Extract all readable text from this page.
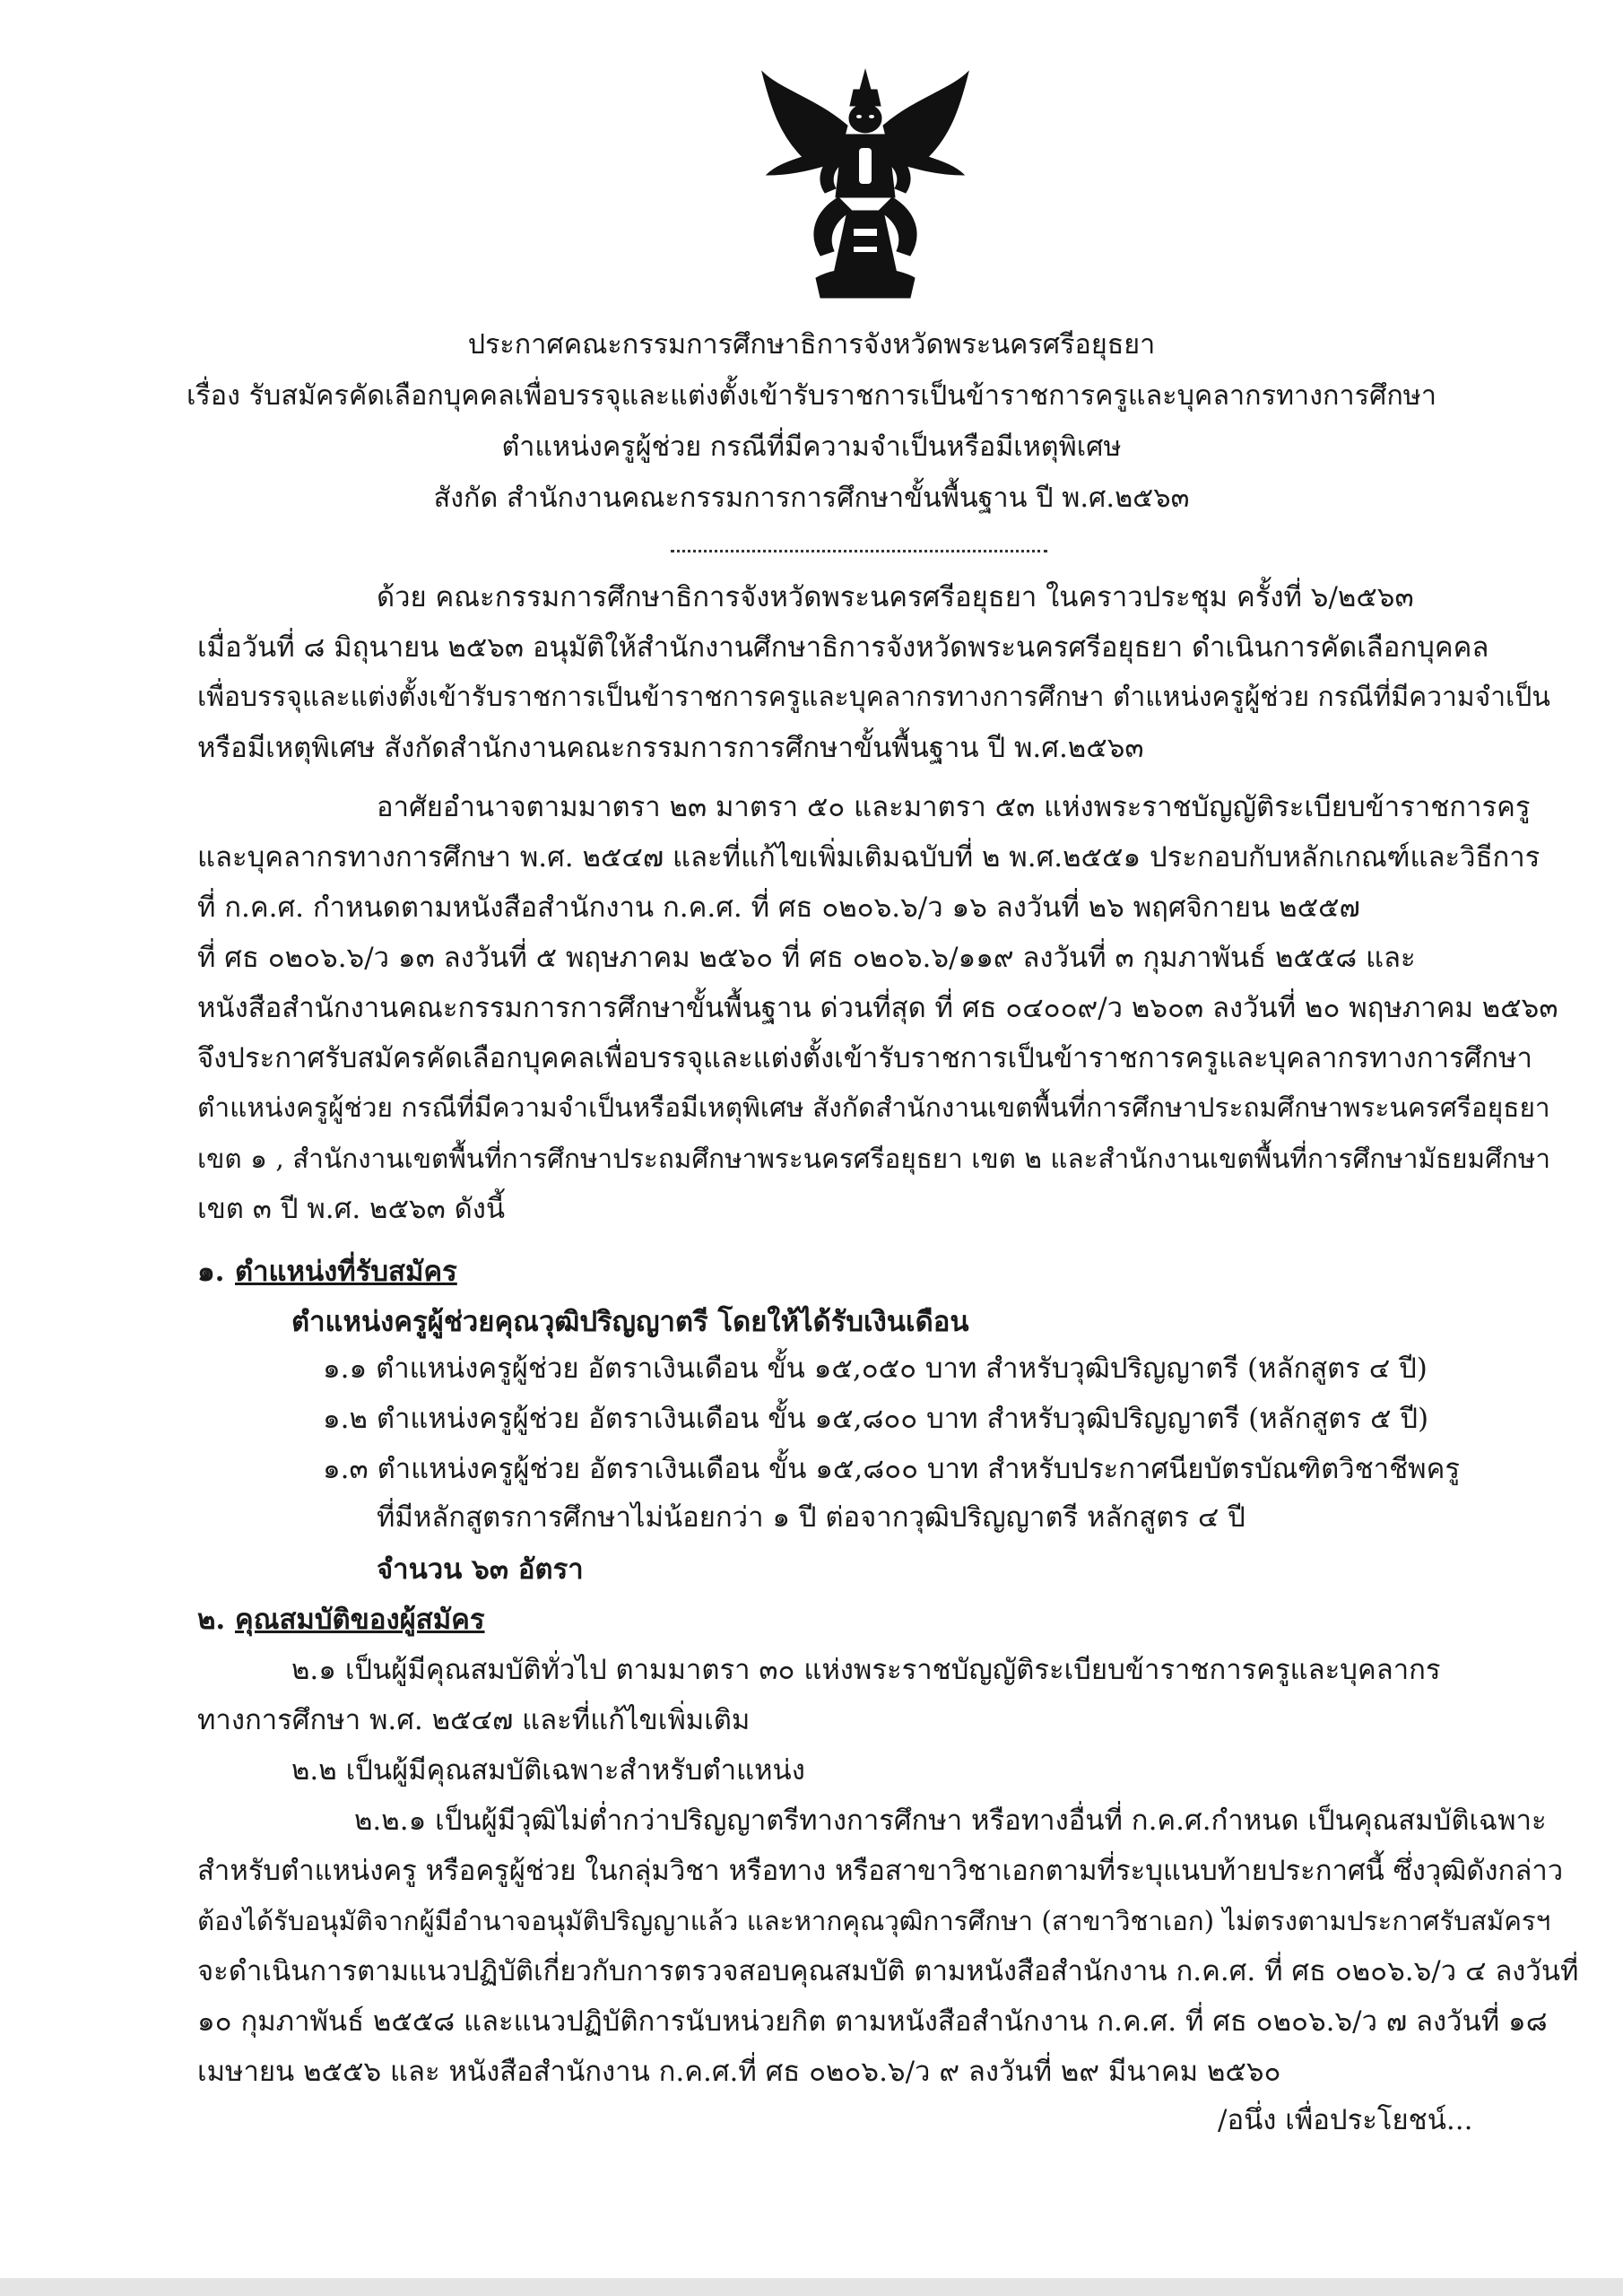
ประกาศคณะกรรมการศึกษาธิการจังหวัดพระนครศรีอยุธยา
เรื่อง รับสมัครคัดเลือกบุคคลเพื่อบรรจุและแต่งตั้งเข้ารับราชการเป็นข้าราชการครูและบุคลากรทางการศึกษา
ตำแหน่งครูผู้ช่วย กรณีที่มีความจำเป็นหรือมีเหตุพิเศษ
สังกัด สำนักงานคณะกรรมการการศึกษาขั้นพื้นฐาน ปี พ.ศ.๒๕๖๓
ด้วย คณะกรรมการศึกษาธิการจังหวัดพระนครศรีอยุธยา ในคราวประชุม ครั้งที่ ๖/๒๕๖๓
เมื่อวันที่ ๘ มิถุนายน ๒๕๖๓ อนุมัติให้สำนักงานศึกษาธิการจังหวัดพระนครศรีอยุธยา ดำเนินการคัดเลือกบุคคล
เพื่อบรรจุและแต่งตั้งเข้ารับราชการเป็นข้าราชการครูและบุคลากรทางการศึกษา ตำแหน่งครูผู้ช่วย กรณีที่มีความจำเป็น
หรือมีเหตุพิเศษ สังกัดสำนักงานคณะกรรมการการศึกษาขั้นพื้นฐาน ปี พ.ศ.๒๕๖๓
อาศัยอำนาจตามมาตรา ๒๓ มาตรา ๕๐ และมาตรา ๕๓ แห่งพระราชบัญญัติระเบียบข้าราชการครู
และบุคลากรทางการศึกษา พ.ศ. ๒๕๔๗ และที่แก้ไขเพิ่มเติมฉบับที่ ๒ พ.ศ.๒๕๕๑ ประกอบกับหลักเกณฑ์และวิธีการ
ที่ ก.ค.ศ. กำหนดตามหนังสือสำนักงาน ก.ค.ศ. ที่ ศธ ๐๒๐๖.๖/ว ๑๖ ลงวันที่ ๒๖ พฤศจิกายน ๒๕๕๗
ที่ ศธ ๐๒๐๖.๖/ว ๑๓ ลงวันที่ ๕ พฤษภาคม ๒๕๖๐ ที่ ศธ ๐๒๐๖.๖/๑๑๙ ลงวันที่ ๓ กุมภาพันธ์ ๒๕๕๘ และ
หนังสือสำนักงานคณะกรรมการการศึกษาขั้นพื้นฐาน ด่วนที่สุด ที่ ศธ ๐๔๐๐๙/ว ๒๖๐๓ ลงวันที่ ๒๐ พฤษภาคม ๒๕๖๓
จึงประกาศรับสมัครคัดเลือกบุคคลเพื่อบรรจุและแต่งตั้งเข้ารับราชการเป็นข้าราชการครูและบุคลากรทางการศึกษา
ตำแหน่งครูผู้ช่วย กรณีที่มีความจำเป็นหรือมีเหตุพิเศษ สังกัดสำนักงานเขตพื้นที่การศึกษาประถมศึกษาพระนครศรีอยุธยา
เขต ๑ , สำนักงานเขตพื้นที่การศึกษาประถมศึกษาพระนครศรีอยุธยา เขต ๒ และสำนักงานเขตพื้นที่การศึกษามัธยมศึกษา
เขต ๓ ปี พ.ศ. ๒๕๖๓ ดังนี้
๑. ตำแหน่งที่รับสมัคร
ตำแหน่งครูผู้ช่วยคุณวุฒิปริญญาตรี โดยให้ได้รับเงินเดือน
๑.๑ ตำแหน่งครูผู้ช่วย อัตราเงินเดือน ขั้น ๑๕,๐๕๐ บาท สำหรับวุฒิปริญญาตรี (หลักสูตร ๔ ปี)
๑.๒ ตำแหน่งครูผู้ช่วย อัตราเงินเดือน ขั้น ๑๕,๘๐๐ บาท สำหรับวุฒิปริญญาตรี (หลักสูตร ๕ ปี)
๑.๓ ตำแหน่งครูผู้ช่วย อัตราเงินเดือน ขั้น ๑๕,๘๐๐ บาท สำหรับประกาศนียบัตรบัณฑิตวิชาชีพครู
ที่มีหลักสูตรการศึกษาไม่น้อยกว่า ๑ ปี ต่อจากวุฒิปริญญาตรี หลักสูตร ๔ ปี
จำนวน ๖๓ อัตรา
๒. คุณสมบัติของผู้สมัคร
๒.๑ เป็นผู้มีคุณสมบัติทั่วไป ตามมาตรา ๓๐ แห่งพระราชบัญญัติระเบียบข้าราชการครูและบุคลากร
ทางการศึกษา พ.ศ. ๒๕๔๗ และที่แก้ไขเพิ่มเติม
๒.๒ เป็นผู้มีคุณสมบัติเฉพาะสำหรับตำแหน่ง
๒.๒.๑ เป็นผู้มีวุฒิไม่ต่ำกว่าปริญญาตรีทางการศึกษา หรือทางอื่นที่ ก.ค.ศ.กำหนด เป็นคุณสมบัติเฉพาะ
สำหรับตำแหน่งครู หรือครูผู้ช่วย ในกลุ่มวิชา หรือทาง หรือสาขาวิชาเอกตามที่ระบุแนบท้ายประกาศนี้ ซึ่งวุฒิดังกล่าว
ต้องได้รับอนุมัติจากผู้มีอำนาจอนุมัติปริญญาแล้ว และหากคุณวุฒิการศึกษา (สาขาวิชาเอก) ไม่ตรงตามประกาศรับสมัครฯ
จะดำเนินการตามแนวปฏิบัติเกี่ยวกับการตรวจสอบคุณสมบัติ ตามหนังสือสำนักงาน ก.ค.ศ. ที่ ศธ ๐๒๐๖.๖/ว ๔ ลงวันที่
๑๐ กุมภาพันธ์ ๒๕๕๘ และแนวปฏิบัติการนับหน่วยกิต ตามหนังสือสำนักงาน ก.ค.ศ. ที่ ศธ ๐๒๐๖.๖/ว ๗ ลงวันที่ ๑๘
เมษายน ๒๕๕๖ และ หนังสือสำนักงาน ก.ค.ศ.ที่ ศธ ๐๒๐๖.๖/ว ๙ ลงวันที่ ๒๙ มีนาคม ๒๕๖๐
/อนึ่ง เพื่อประโยชน์...
